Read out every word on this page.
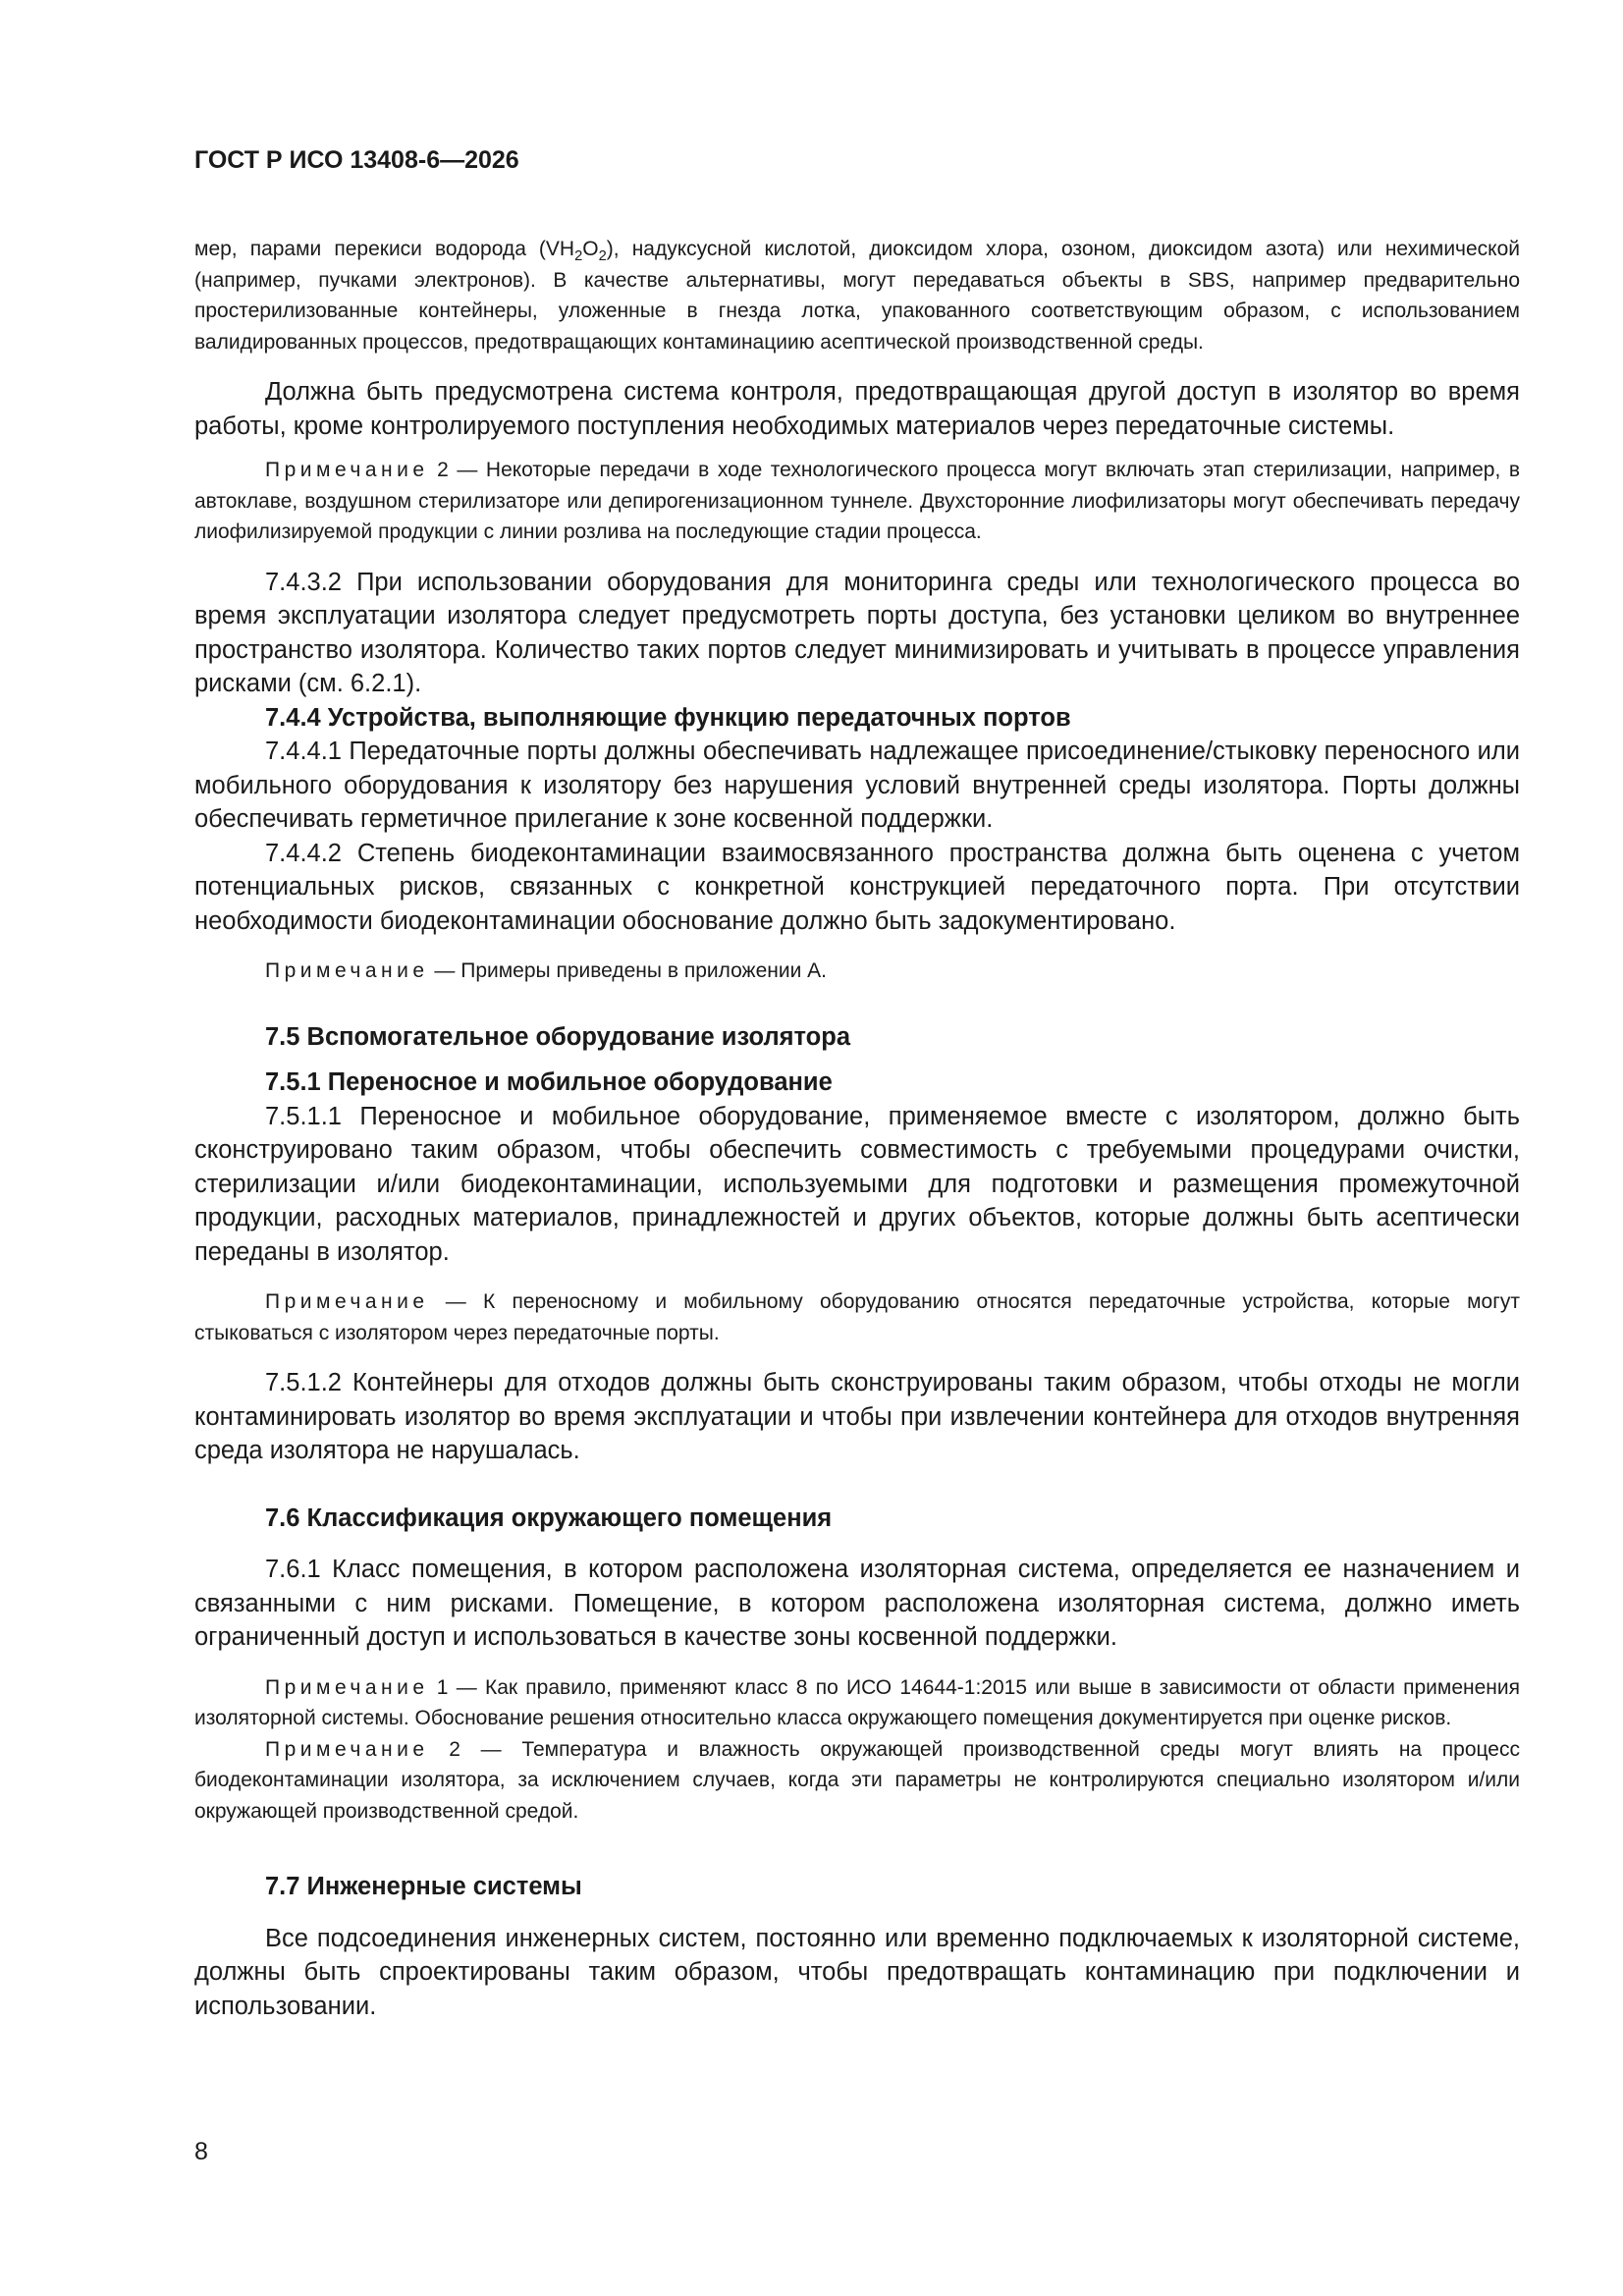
ГОСТ Р ИСО 13408-6—2026

мер, парами перекиси водорода $(VH_2O_2)$, надуксусной кислотой, диоксидом хлора, озоном, диоксидом азота) или нехимической (например, пучками электронов). В качестве альтернативы, могут передаваться объекты в SBS, например предварительно простерилизованные контейнеры, уложенные в гнезда лотка, упакованного соответствующим образом, с использованием валидированных процессов, предотвращающих контаминациию асептической производственной среды.

Должна быть предусмотрена система контроля, предотвращающая другой доступ в изолятор во время работы, кроме контролируемого поступления необходимых материалов через передаточные системы.

Примечание 2 — Некоторые передачи в ходе технологического процесса могут включать этап стерилизации, например, в автоклаве, воздушном стерилизаторе или депирогенизационном туннеле. Двухсторонние лиофилизаторы могут обеспечивать передачу лиофилизируемой продукции с линии розлива на последующие стадии процесса.

7.4.3.2 При использовании оборудования для мониторинга среды или технологического процесса во время эксплуатации изолятора следует предусмотреть порты доступа, без установки целиком во внутреннее пространство изолятора. Количество таких портов следует минимизировать и учитывать в процессе управления рисками (см. 6.2.1).

7.4.4 Устройства, выполняющие функцию передаточных портов

7.4.4.1 Передаточные порты должны обеспечивать надлежащее присоединение/стыковку переносного или мобильного оборудования к изолятору без нарушения условий внутренней среды изолятора. Порты должны обеспечивать герметичное прилегание к зоне косвенной поддержки.

7.4.4.2 Степень биодеконтаминации взаимосвязанного пространства должна быть оценена с учетом потенциальных рисков, связанных с конкретной конструкцией передаточного порта. При отсутствии необходимости биодеконтаминации обоснование должно быть задокументировано.

Примечание — Примеры приведены в приложении А.

7.5 Вспомогательное оборудование изолятора

7.5.1 Переносное и мобильное оборудование

7.5.1.1 Переносное и мобильное оборудование, применяемое вместе с изолятором, должно быть сконструировано таким образом, чтобы обеспечить совместимость с требуемыми процедурами очистки, стерилизации и/или биодеконтаминации, используемыми для подготовки и размещения промежуточной продукции, расходных материалов, принадлежностей и других объектов, которые должны быть асептически переданы в изолятор.

Примечание — К переносному и мобильному оборудованию относятся передаточные устройства, которые могут стыковаться с изолятором через передаточные порты.

7.5.1.2 Контейнеры для отходов должны быть сконструированы таким образом, чтобы отходы не могли контаминировать изолятор во время эксплуатации и чтобы при извлечении контейнера для отходов внутренняя среда изолятора не нарушалась.

7.6 Классификация окружающего помещения

7.6.1 Класс помещения, в котором расположена изоляторная система, определяется ее назначением и связанными с ним рисками. Помещение, в котором расположена изоляторная система, должно иметь ограниченный доступ и использоваться в качестве зоны косвенной поддержки.

Примечание 1 — Как правило, применяют класс 8 по ИСО 14644-1:2015 или выше в зависимости от области применения изоляторной системы. Обоснование решения относительно класса окружающего помещения документируется при оценке рисков.

Примечание 2 — Температура и влажность окружающей производственной среды могут влиять на процесс биодеконтаминации изолятора, за исключением случаев, когда эти параметры не контролируются специально изолятором и/или окружающей производственной средой.

7.7 Инженерные системы

Все подсоединения инженерных систем, постоянно или временно подключаемых к изоляторной системе, должны быть спроектированы таким образом, чтобы предотвращать контаминацию при подключении и использовании.

8
